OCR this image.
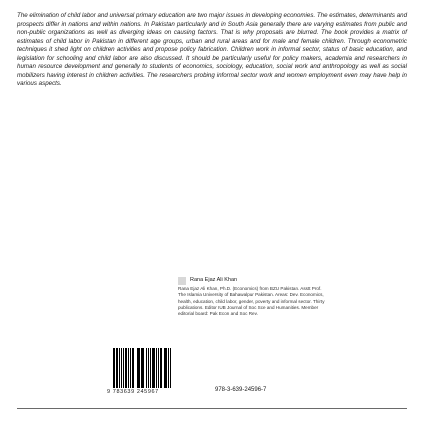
The elimination of child labor and universal primary education are two major issues in developing economies. The estimates, determinants and prospects differ in nations and within nations. In Pakistan particularly and in South Asia generally there are varying estimates from public and non-public organizations as well as diverging ideas on causing factors. That is why proposals are blurred. The book provides a matrix of estimates of child labor in Pakistan in different age groups, urban and rural areas and for male and female children. Through econometric techniques it shed light on children activities and propose policy fabrication. Children work in informal sector, status of basic education, and legislation for schooling and child labor are also discussed. It should be particularly useful for policy makers, academia and researchers in human resource development and generally to students of economics, sociology, education, social work and anthropology as well as social mobilizers having interest in children activities. The researchers probing informal sector work and women employment even may have help in various aspects.
Rana Ejaz Ali Khan
Rana Ejaz Ali Khan, Ph.D. (Economics) from BZU Pakistan. Asstt Prof. The Islamia University of Bahawalpur Pakistan. Areas: Dev. Economics, health, education, child labor, gender, poverty and informal sector. Thirty publications. Editor IUB Journal of Soc Sce and Humanities. Member editorial board: Pak Econ and Soc Rev.
9 783639 245967	978-3-639-24596-7
